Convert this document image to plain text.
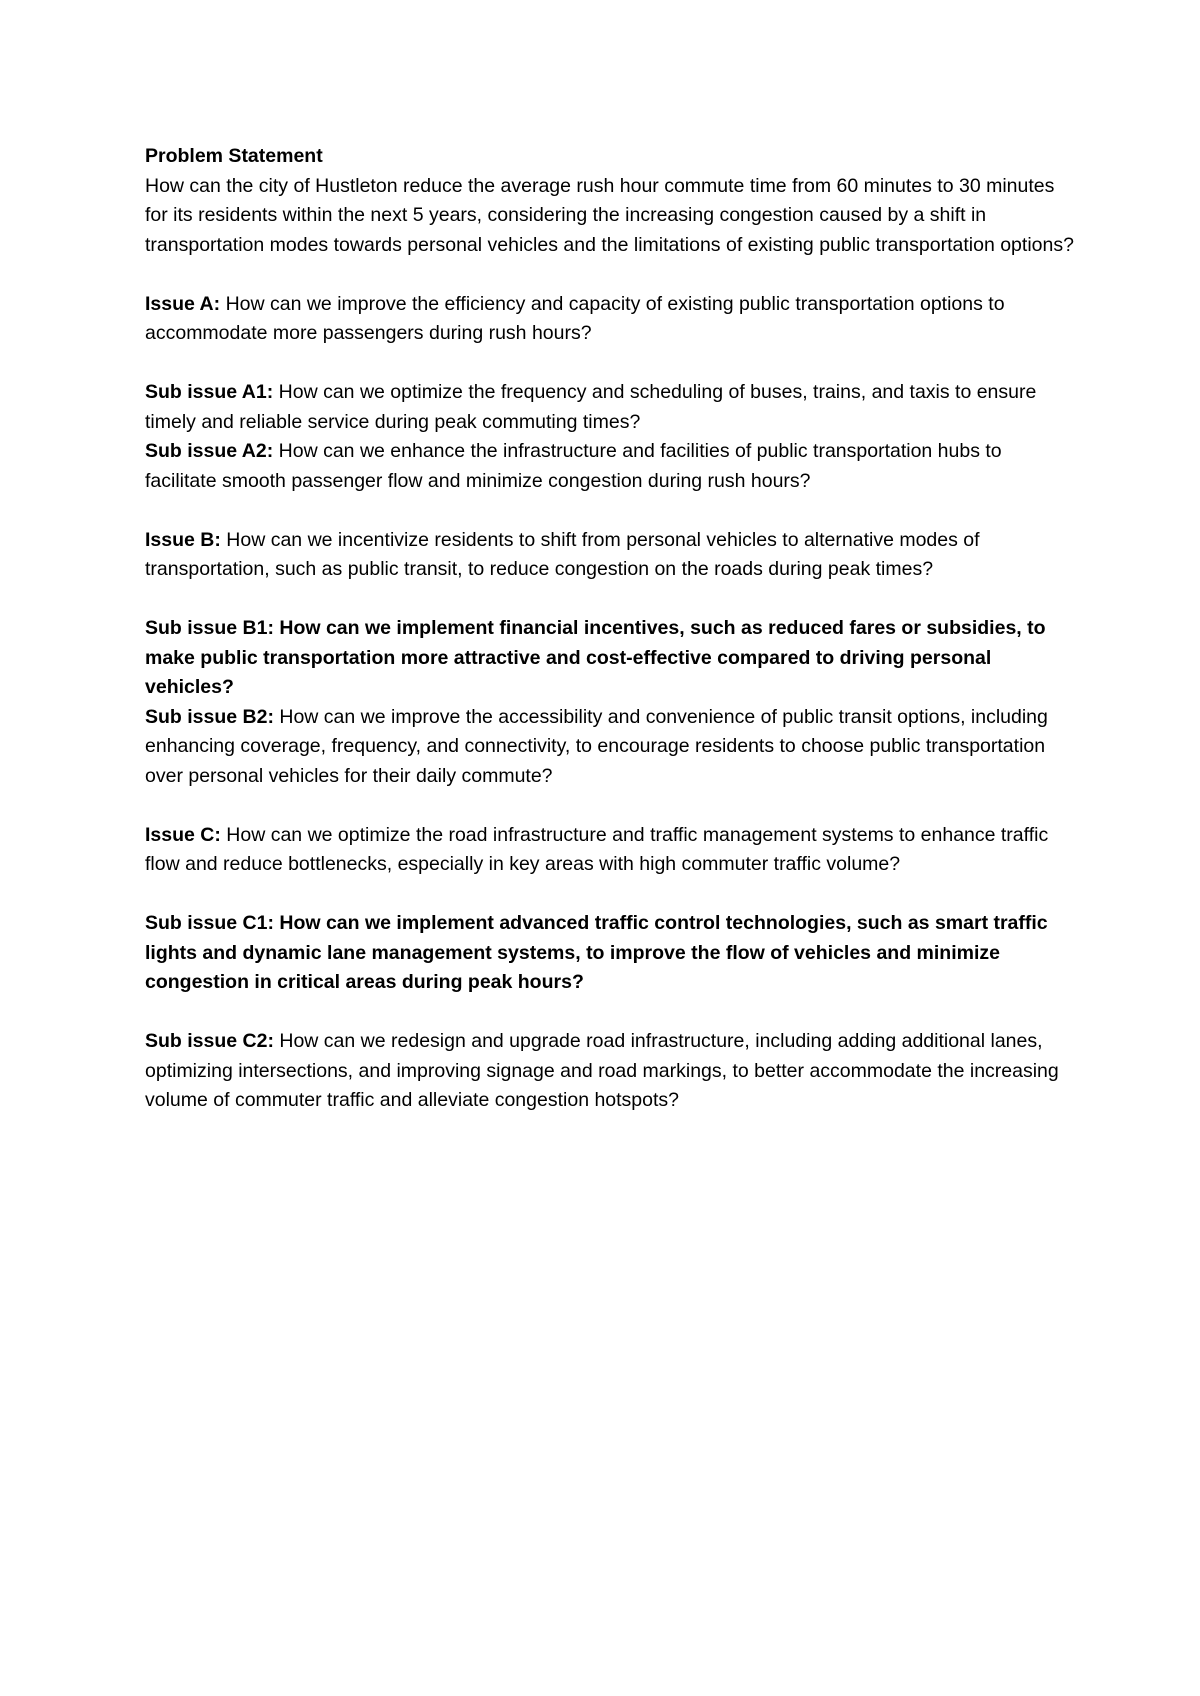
Problem Statement
How can the city of Hustleton reduce the average rush hour commute time from 60 minutes to 30 minutes for its residents within the next 5 years, considering the increasing congestion caused by a shift in transportation modes towards personal vehicles and the limitations of existing public transportation options?
Issue A: How can we improve the efficiency and capacity of existing public transportation options to accommodate more passengers during rush hours?
Sub issue A1: How can we optimize the frequency and scheduling of buses, trains, and taxis to ensure timely and reliable service during peak commuting times?
Sub issue A2: How can we enhance the infrastructure and facilities of public transportation hubs to facilitate smooth passenger flow and minimize congestion during rush hours?
Issue B: How can we incentivize residents to shift from personal vehicles to alternative modes of transportation, such as public transit, to reduce congestion on the roads during peak times?
Sub issue B1: How can we implement financial incentives, such as reduced fares or subsidies, to make public transportation more attractive and cost-effective compared to driving personal vehicles?
Sub issue B2: How can we improve the accessibility and convenience of public transit options, including enhancing coverage, frequency, and connectivity, to encourage residents to choose public transportation over personal vehicles for their daily commute?
Issue C: How can we optimize the road infrastructure and traffic management systems to enhance traffic flow and reduce bottlenecks, especially in key areas with high commuter traffic volume?
Sub issue C1: How can we implement advanced traffic control technologies, such as smart traffic lights and dynamic lane management systems, to improve the flow of vehicles and minimize congestion in critical areas during peak hours?
Sub issue C2: How can we redesign and upgrade road infrastructure, including adding additional lanes, optimizing intersections, and improving signage and road markings, to better accommodate the increasing volume of commuter traffic and alleviate congestion hotspots?
